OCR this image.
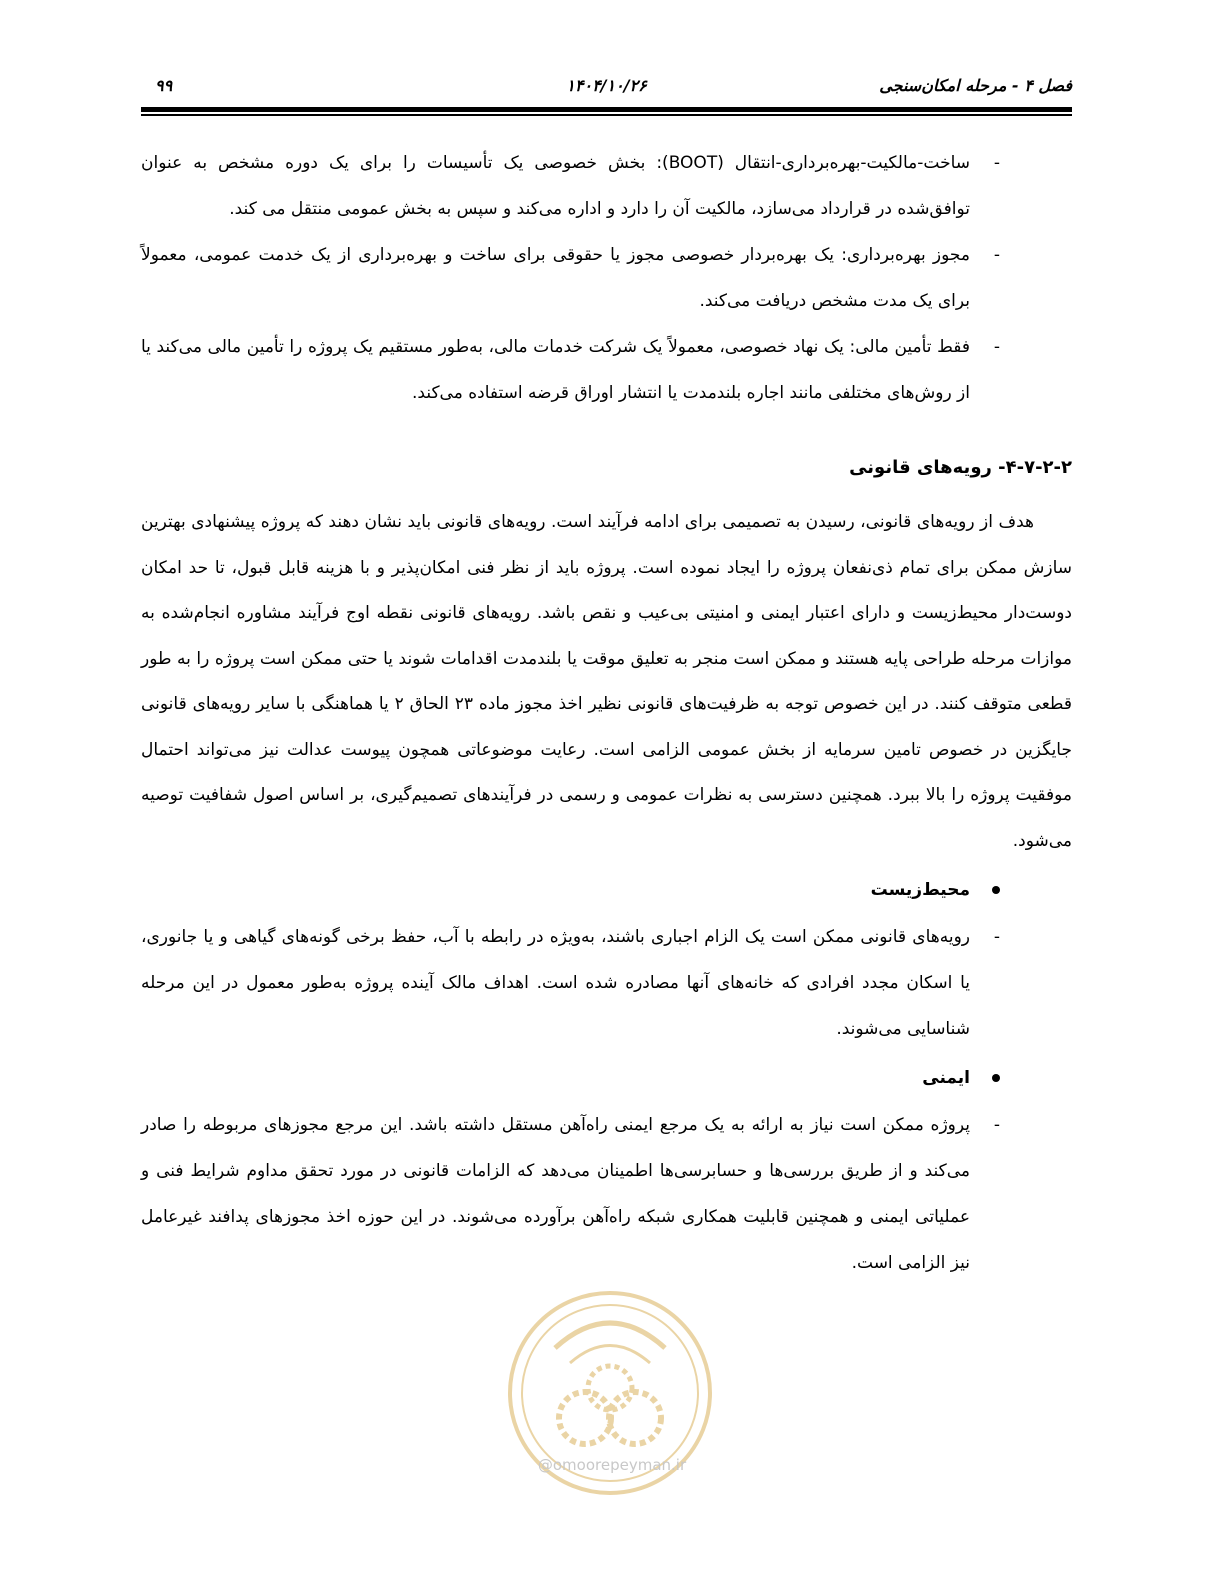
فصل ۴ - مرحله امکان‌سنجی
۱۴۰۴/۱۰/۲۶
۹۹
-
ساخت-مالکیت-بهره‌برداری-انتقال (BOOT): بخش خصوصی یک تأسیسات را برای یک دوره مشخص به عنوان توافق‌شده در قرارداد می‌سازد، مالکیت آن را دارد و اداره می‌کند و سپس به بخش عمومی منتقل می کند.
-
مجوز بهره‌برداری: یک بهره‌بردار خصوصی مجوز یا حقوقی برای ساخت و بهره‌برداری از یک خدمت عمومی، معمولاً برای یک مدت مشخص دریافت می‌کند.
-
فقط تأمین مالی: یک نهاد خصوصی، معمولاً یک شرکت خدمات مالی، به‌طور مستقیم یک پروژه را تأمین مالی می‌کند یا از روش‌های مختلفی مانند اجاره بلندمدت یا انتشار اوراق قرضه استفاده می‌کند.
۴-۷-۲-۲- رویه‌های قانونی
هدف از رویه‌های قانونی، رسیدن به تصمیمی برای ادامه فرآیند است. رویه‌های قانونی باید نشان دهند که پروژه پیشنهادی بهترین سازش ممکن برای تمام ذی‌نفعان پروژه را ایجاد نموده است. پروژه باید از نظر فنی امکان‌پذیر و با هزینه قابل قبول، تا حد امکان دوست‌دار محیط‌زیست و دارای اعتبار ایمنی و امنیتی بی‌عیب و نقص باشد. رویه‌های قانونی نقطه اوج فرآیند مشاوره انجام‌شده به موازات مرحله طراحی پایه هستند و ممکن است منجر به تعلیق موقت یا بلندمدت اقدامات شوند یا حتی ممکن است پروژه را به طور قطعی متوقف کنند. در این خصوص توجه به ظرفیت‌های قانونی نظیر اخذ مجوز ماده ۲۳ الحاق ۲ یا هماهنگی با سایر رویه‌های قانونی جایگزین در خصوص تامین سرمایه از بخش عمومی الزامی است. رعایت موضوعاتی همچون پیوست عدالت نیز می‌تواند احتمال موفقیت پروژه را بالا ببرد. همچنین دسترسی به نظرات عمومی و رسمی در فرآیندهای تصمیم‌گیری، بر اساس اصول شفافیت توصیه می‌شود.
محیط‌زیست
-
رویه‌های قانونی ممکن است یک الزام اجباری باشند، به‌ویژه در رابطه با آب، حفظ برخی گونه‌های گیاهی و یا جانوری، یا اسکان مجدد افرادی که خانه‌های آنها مصادره شده است. اهداف مالک آینده پروژه به‌طور معمول در این مرحله شناسایی می‌شوند.
ایمنی
-
پروژه ممکن است نیاز به ارائه به یک مرجع ایمنی راه‌آهن مستقل داشته باشد. این مرجع مجوزهای مربوطه را صادر می‌کند و از طریق بررسی‌ها و حسابرسی‌ها اطمینان می‌دهد که الزامات قانونی در مورد تحقق مداوم شرایط فنی و عملیاتی ایمنی و همچنین قابلیت همکاری شبکه راه‌آهن برآورده می‌شوند. در این حوزه اخذ مجوزهای پدافند غیرعامل نیز الزامی است.
@omoorepeyman.ir
